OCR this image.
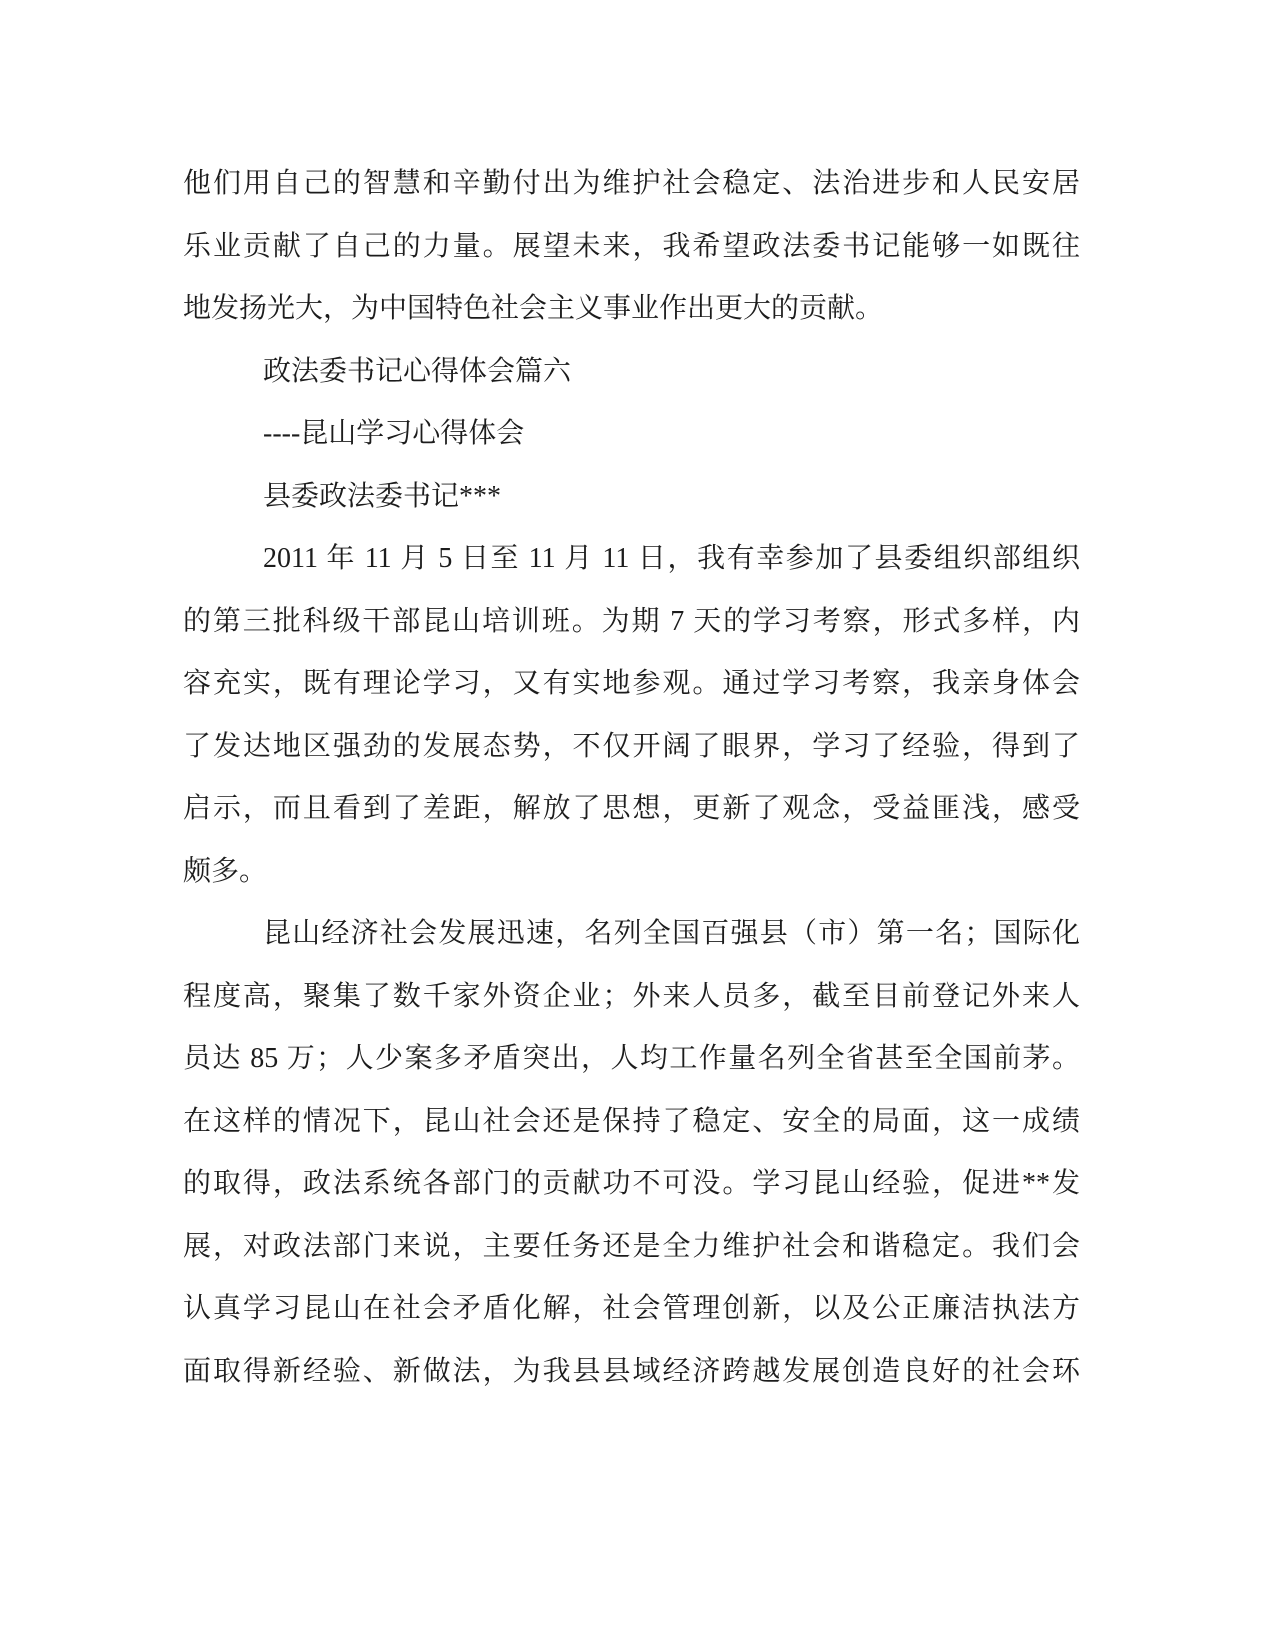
他们用自己的智慧和辛勤付出为维护社会稳定、法治进步和人民安居
乐业贡献了自己的力量。展望未来，我希望政法委书记能够一如既往
地发扬光大，为中国特色社会主义事业作出更大的贡献。
政法委书记心得体会篇六
----昆山学习心得体会
县委政法委书记***
2011 年 11 月 5 日至 11 月 11 日，我有幸参加了县委组织部组织
的第三批科级干部昆山培训班。为期 7 天的学习考察，形式多样，内
容充实，既有理论学习，又有实地参观。通过学习考察，我亲身体会
了发达地区强劲的发展态势，不仅开阔了眼界，学习了经验，得到了
启示，而且看到了差距，解放了思想，更新了观念，受益匪浅，感受
颇多。
昆山经济社会发展迅速，名列全国百强县（市）第一名；国际化
程度高，聚集了数千家外资企业；外来人员多，截至目前登记外来人
员达 85 万；人少案多矛盾突出，人均工作量名列全省甚至全国前茅。
在这样的情况下，昆山社会还是保持了稳定、安全的局面，这一成绩
的取得，政法系统各部门的贡献功不可没。学习昆山经验，促进**发
展，对政法部门来说，主要任务还是全力维护社会和谐稳定。我们会
认真学习昆山在社会矛盾化解，社会管理创新，以及公正廉洁执法方
面取得新经验、新做法，为我县县域经济跨越发展创造良好的社会环
